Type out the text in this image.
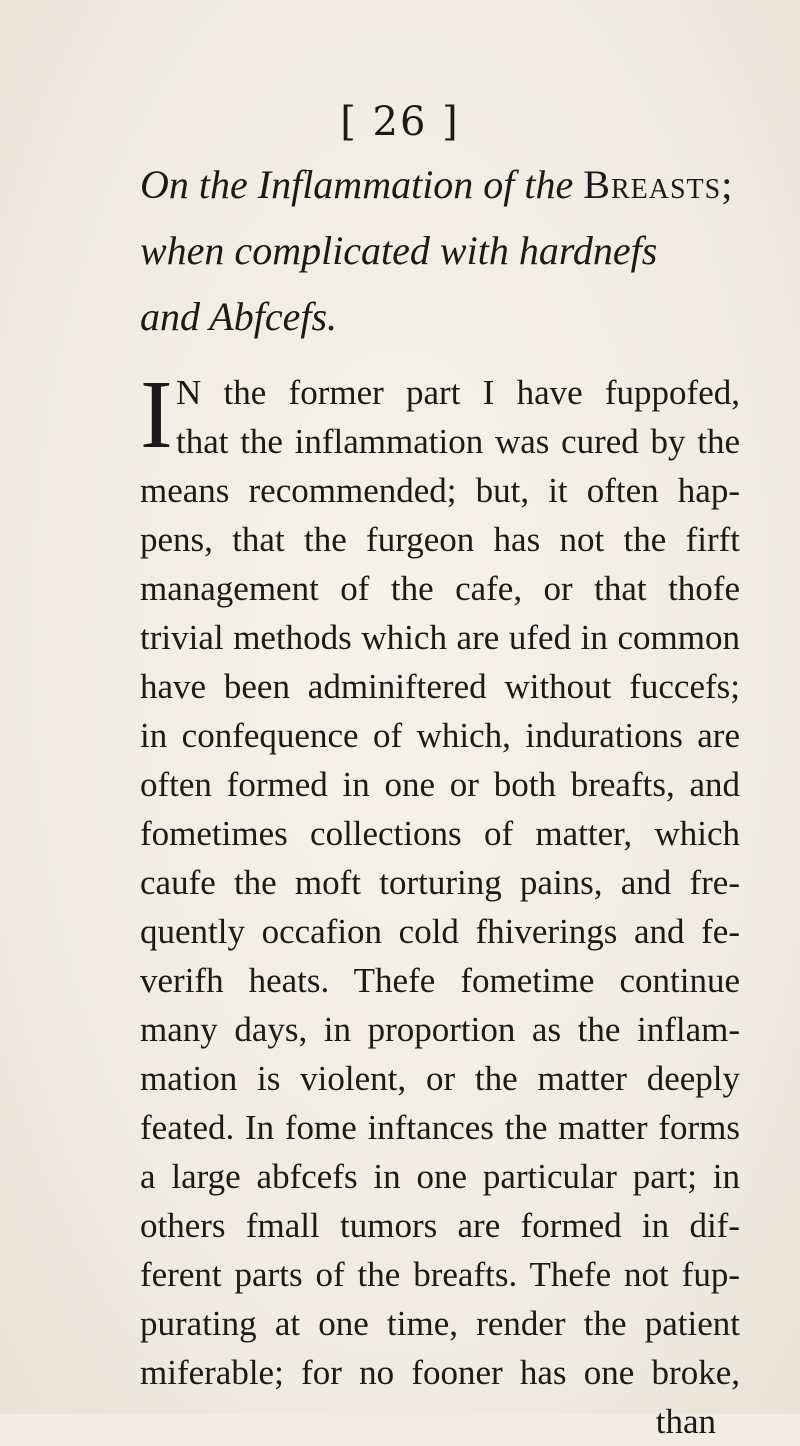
[ 26 ]
On the Inflammation of the Breasts;
when complicated with hardnefs
and Abfcefs.
I N the former part I have fuppofed,
that the inflammation was cured by the
means recommended; but, it often hap-
pens, that the furgeon has not the firft
management of the cafe, or that thofe
trivial methods which are ufed in common
have been adminiftered without fuccefs;
in confequence of which, indurations are
often formed in one or both breafts, and
fometimes collections of matter, which
caufe the moft torturing pains, and fre-
quently occafion cold fhiverings and fe-
verifh heats. Thefe fometime continue
many days, in proportion as the inflam-
mation is violent, or the matter deeply
feated. In fome inftances the matter forms
a large abfcefs in one particular part; in
others fmall tumors are formed in dif-
ferent parts of the breafts. Thefe not fup-
purating at one time, render the patient
miferable; for no fooner has one broke,
than
